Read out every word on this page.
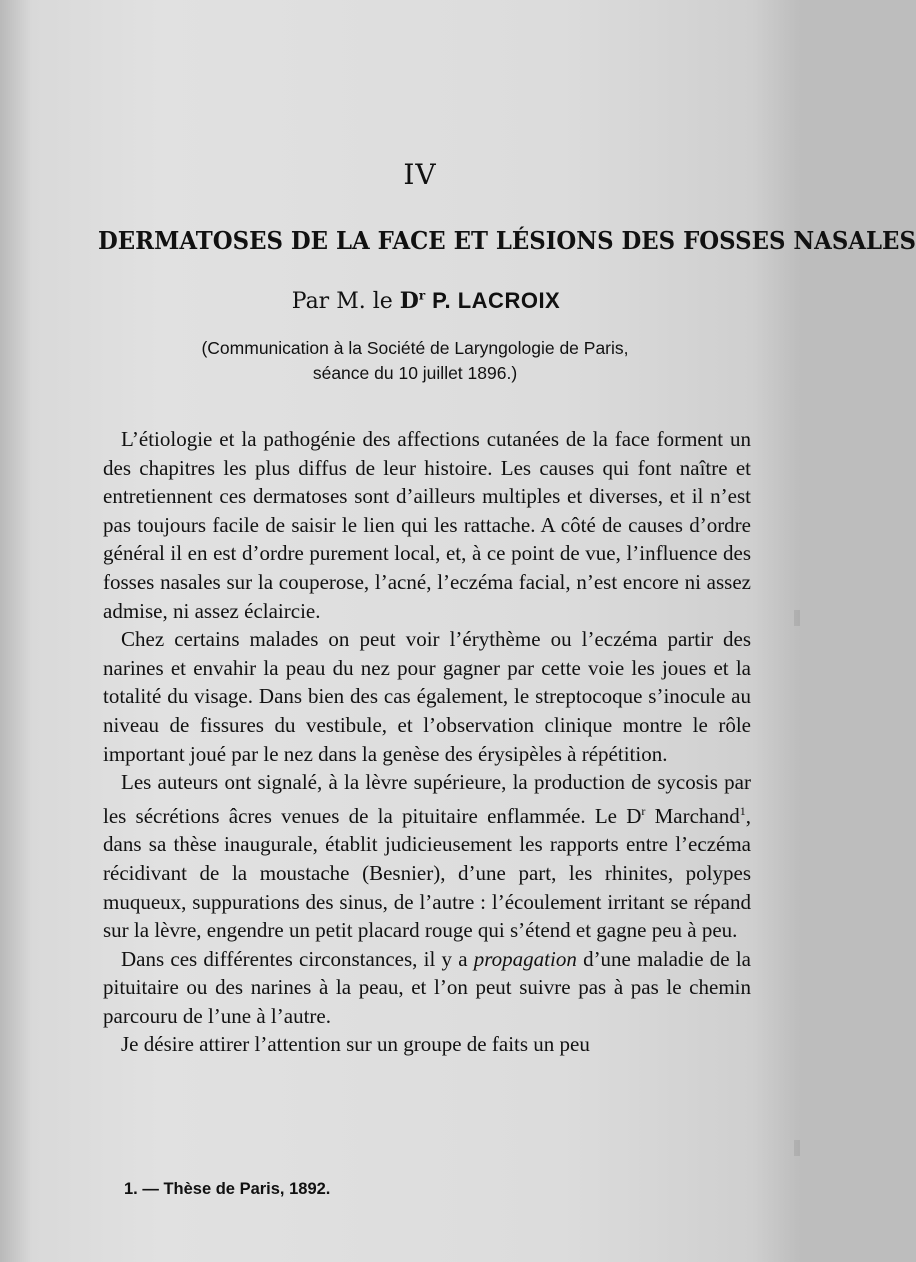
IV
DERMATOSES DE LA FACE ET LÉSIONS DES FOSSES NASALES
Par M. le $D^r$ P. LACROIX
(Communication à la Société de Laryngologie de Paris,
séance du 10 juillet 1896.)

L’étiologie et la pathogénie des affections cutanées de la face forment un des chapitres les plus diffus de leur histoire. Les causes qui font naître et entretiennent ces dermatoses sont d’ailleurs multiples et diverses, et il n’est pas toujours facile de saisir le lien qui les rattache. A côté de causes d’ordre général il en est d’ordre purement local, et, à ce point de vue, l’influence des fosses nasales sur la couperose, l’acné, l’eczéma facial, n’est encore ni assez admise, ni assez éclaircie.

Chez certains malades on peut voir l’érythème ou l’eczéma partir des narines et envahir la peau du nez pour gagner par cette voie les joues et la totalité du visage. Dans bien des cas également, le streptocoque s’inocule au niveau de fissures du vestibule, et l’observation clinique montre le rôle important joué par le nez dans la genèse des érysipèles à répétition.

Les auteurs ont signalé, à la lèvre supérieure, la production de sycosis par les sécrétions âcres venues de la pituitaire enflammée. Le $D^r$ Marchand$^1$, dans sa thèse inaugurale, établit judicieusement les rapports entre l’eczéma récidivant de la moustache (Besnier), d’une part, les rhinites, polypes muqueux, suppurations des sinus, de l’autre : l’écoulement irritant se répand sur la lèvre, engendre un petit placard rouge qui s’étend et gagne peu à peu.

Dans ces différentes circonstances, il y a propagation d’une maladie de la pituitaire ou des narines à la peau, et l’on peut suivre pas à pas le chemin parcouru de l’une à l’autre.

Je désire attirer l’attention sur un groupe de faits un peu

1. — Thèse de Paris, 1892.
